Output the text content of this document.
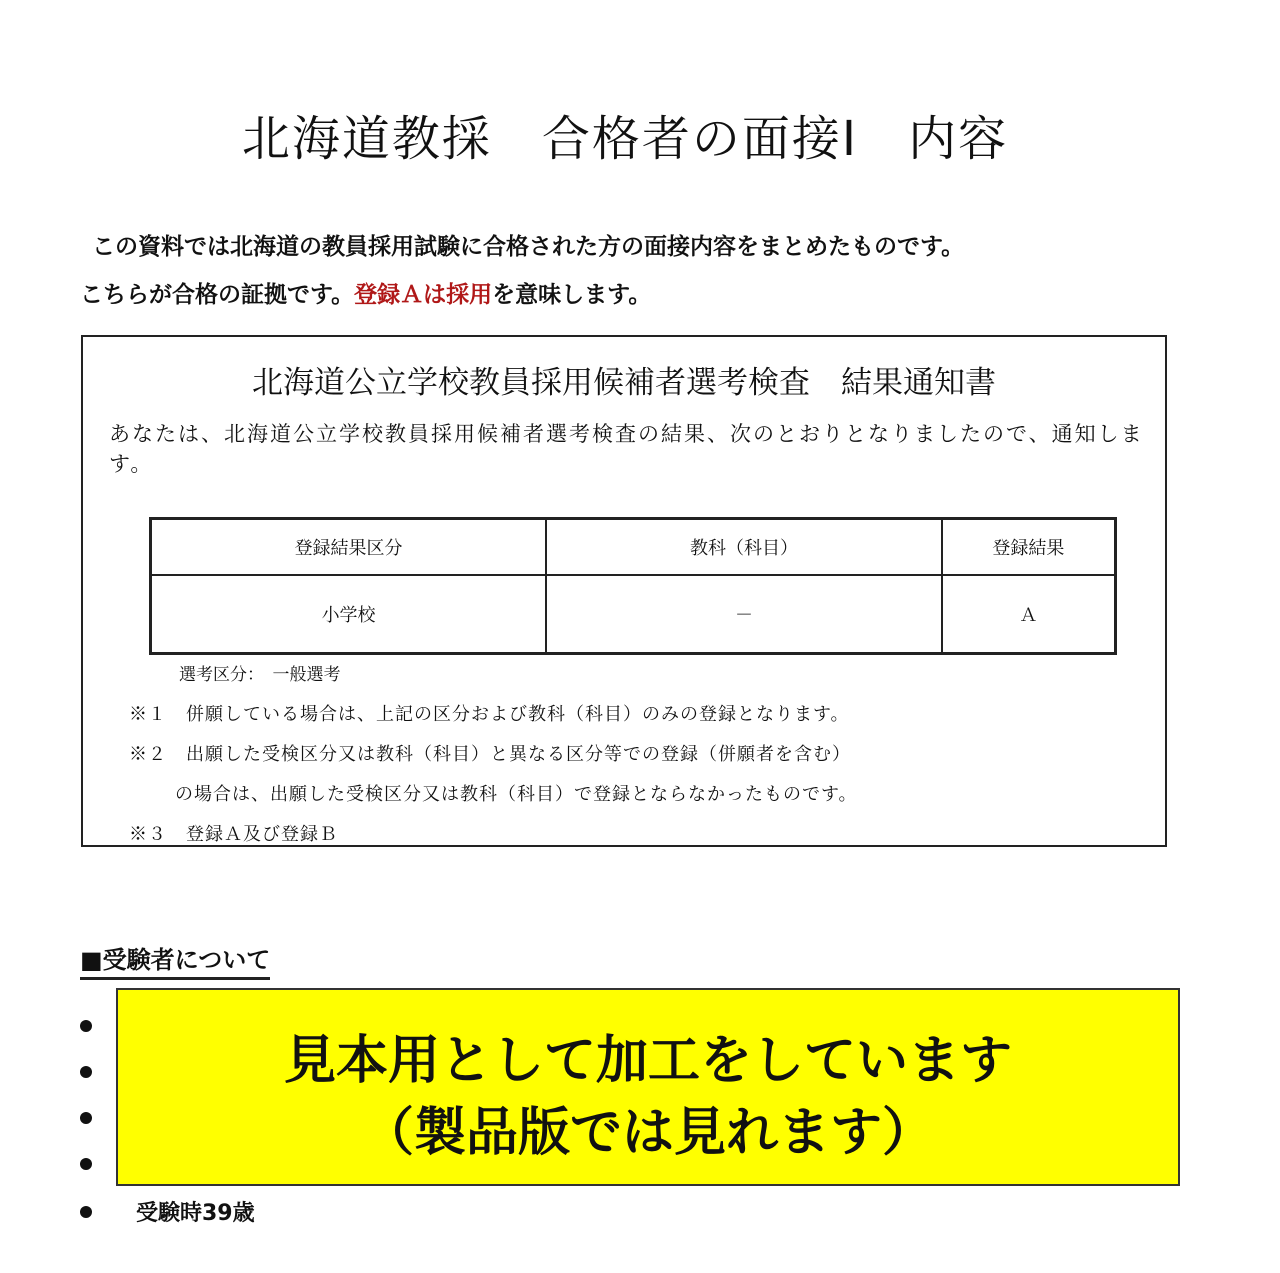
北海道教採　合格者の面接Ⅰ　内容
この資料では北海道の教員採用試験に合格された方の面接内容をまとめたものです。
こちらが合格の証拠です。登録Ａは採用を意味します。
北海道公立学校教員採用候補者選考検査　結果通知書
あなたは、北海道公立学校教員採用候補者選考検査の結果、次のとおりとなりましたので、通知します。
登録結果区分	教科（科目）	登録結果
小学校	－	Ａ
選考区分：　一般選考
※１　併願している場合は、上記の区分および教科（科目）のみの登録となります。
※２　出願した受検区分又は教科（科目）と異なる区分等での登録（併願者を含む）
の場合は、出願した受検区分又は教科（科目）で登録とならなかったものです。
※３　登録Ａ及び登録Ｂ
■受験者について
受験時39歳
見本用として加工をしています
（製品版では見れます）
